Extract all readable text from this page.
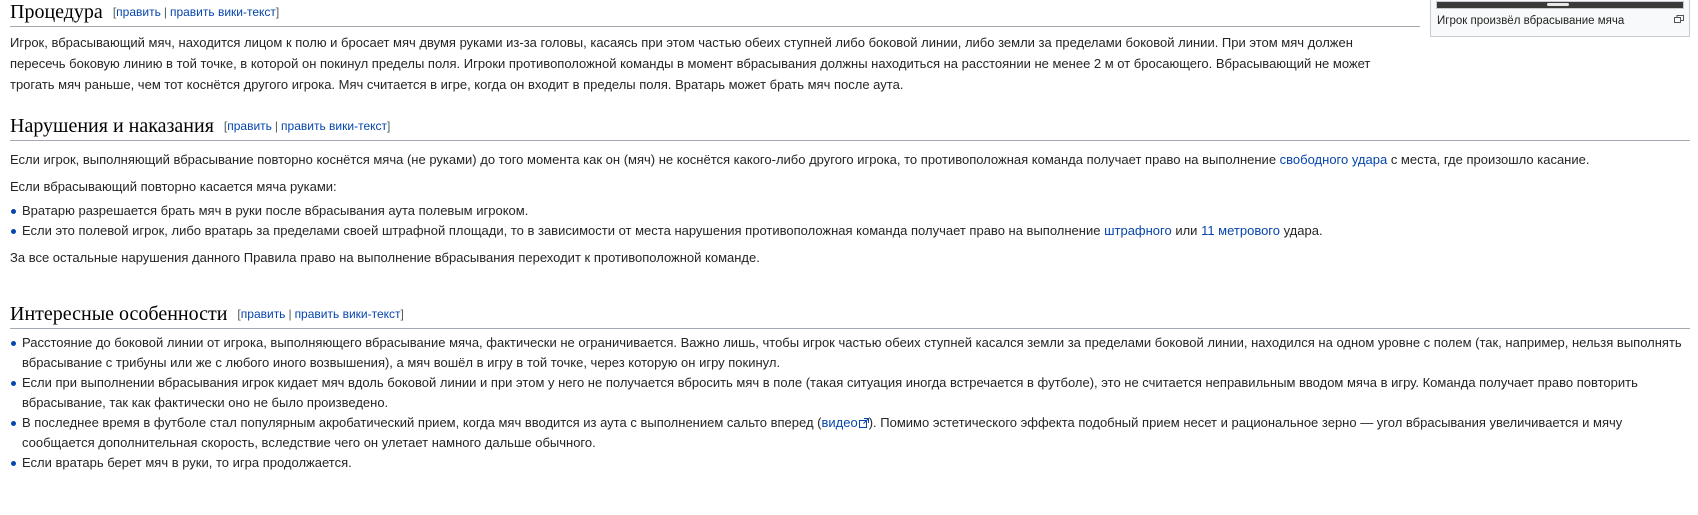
Игрок произвёл вбрасывание мяча
Процедура [править | править вики-текст]

Игрок, вбрасывающий мяч, находится лицом к полю и бросает мяч двумя руками из-за головы, касаясь при этом частью обеих ступней либо боковой линии, либо земли за пределами боковой линии. При этом мяч должен пересечь боковую линию в той точке, в которой он покинул пределы поля. Игроки противоположной команды в момент вбрасывания должны находиться на расстоянии не менее 2 м от бросающего. Вбрасывающий не может трогать мяч раньше, чем тот коснётся другого игрока. Мяч считается в игре, когда он входит в пределы поля. Вратарь может брать мяч после аута.

Нарушения и наказания [править | править вики-текст]

Если игрок, выполняющий вбрасывание повторно коснётся мяча (не руками) до того момента как он (мяч) не коснётся какого-либо другого игрока, то противоположная команда получает право на выполнение свободного удара с места, где произошло касание.

Если вбрасывающий повторно касается мяча руками:

Вратарю разрешается брать мяч в руки после вбрасывания аута полевым игроком.
Если это полевой игрок, либо вратарь за пределами своей штрафной площади, то в зависимости от места нарушения противоположная команда получает право на выполнение штрафного или 11 метрового удара.

За все остальные нарушения данного Правила право на выполнение вбрасывания переходит к противоположной команде.

Интересные особенности [править | править вики-текст]
Расстояние до боковой линии от игрока, выполняющего вбрасывание мяча, фактически не ограничивается. Важно лишь, чтобы игрок частью обеих ступней касался земли за пределами боковой линии, находился на одном уровне с полем (так, например, нельзя выполнять вбрасывание с трибуны или же с любого иного возвышения), а мяч вошёл в игру в той точке, через которую он игру покинул.
Если при выполнении вбрасывания игрок кидает мяч вдоль боковой линии и при этом у него не получается вбросить мяч в поле (такая ситуация иногда встречается в футболе), это не считается неправильным вводом мяча в игру. Команда получает право повторить вбрасывание, так как фактически оно не было произведено.
В последнее время в футболе стал популярным акробатический прием, когда мяч вводится из аута с выполнением сальто вперед (видео ). Помимо эстетического эффекта подобный прием несет и рациональное зерно — угол вбрасывания увеличивается и мячу сообщается дополнительная скорость, вследствие чего он улетает намного дальше обычного.
Если вратарь берет мяч в руки, то игра продолжается.
